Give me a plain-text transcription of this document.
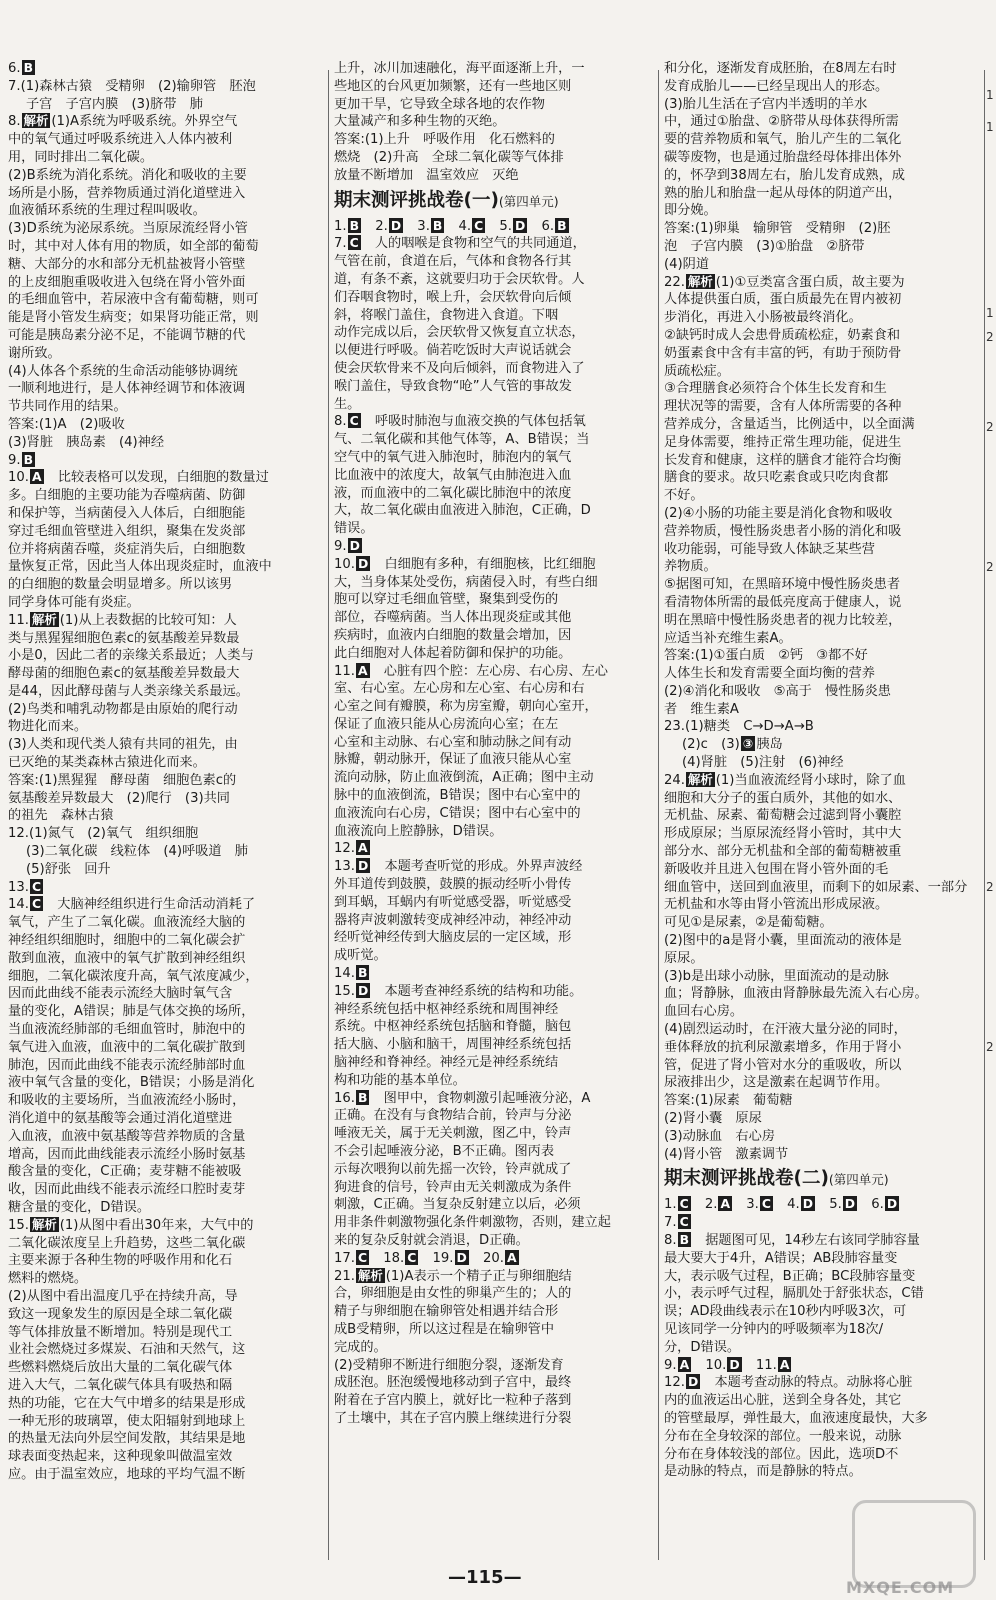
6. B
7.(1)森林古猿　受精卵　(2)输卵管　胚泡
子宫　子宫内膜　(3)脐带　肺
8. 解析 (1)A系统为呼吸系统。外界空气
中的氧气通过呼吸系统进入人体内被利
用，同时排出二氧化碳。
(2)B系统为消化系统。消化和吸收的主要
场所是小肠，营养物质通过消化道壁进入
血液循环系统的生理过程叫吸收。
(3)D系统为泌尿系统。当原尿流经肾小管
时，其中对人体有用的物质，如全部的葡萄
糖、大部分的水和部分无机盐被肾小管壁
的上皮细胞重吸收进入包绕在肾小管外面
的毛细血管中，若尿液中含有葡萄糖，则可
能是肾小管发生病变；如果肾功能正常，则
可能是胰岛素分泌不足，不能调节糖的代
谢所致。
(4)人体各个系统的生命活动能够协调统
一顺利地进行，是人体神经调节和体液调
节共同作用的结果。
答案:(1)A　(2)吸收
(3)肾脏　胰岛素　(4)神经
9. B
10. A　比较表格可以发现，白细胞的数量过
多。白细胞的主要功能为吞噬病菌、防御
和保护等，当病菌侵入人体后，白细胞能
穿过毛细血管壁进入组织，聚集在发炎部
位并将病菌吞噬，炎症消失后，白细胞数
量恢复正常，因此当人体出现炎症时，血液中
的白细胞的数量会明显增多。所以该男
同学身体可能有炎症。
11. 解析 (1)从上表数据的比较可知：人
类与黑猩猩细胞色素c的氨基酸差异数最
小是0，因此二者的亲缘关系最近；人类与
酵母菌的细胞色素c的氨基酸差异数最大
是44，因此酵母菌与人类亲缘关系最远。
(2)鸟类和哺乳动物都是由原始的爬行动
物进化而来。
(3)人类和现代类人猿有共同的祖先，由
已灭绝的某类森林古猿进化而来。
答案:(1)黑猩猩　酵母菌　细胞色素c的
氨基酸差异数最大　(2)爬行　(3)共同
的祖先　森林古猿
12.(1)氮气　(2)氧气　组织细胞
(3)二氧化碳　线粒体　(4)呼吸道　肺
(5)舒张　回升
13. C
14. C　大脑神经组织进行生命活动消耗了
氧气，产生了二氧化碳。血液流经大脑的
神经组织细胞时，细胞中的二氧化碳会扩
散到血液，血液中的氧气扩散到神经组织
细胞，二氧化碳浓度升高，氧气浓度减少，
因而此曲线不能表示流经大脑时氧气含
量的变化，A错误；肺是气体交换的场所，
当血液流经肺部的毛细血管时，肺泡中的
氧气进入血液，血液中的二氧化碳扩散到
肺泡，因而此曲线不能表示流经肺部时血
液中氧气含量的变化，B错误；小肠是消化
和吸收的主要场所，当血液流经小肠时，
消化道中的氨基酸等会通过消化道壁进
入血液，血液中氨基酸等营养物质的含量
增高，因而此曲线能表示流经小肠时氨基
酸含量的变化，C正确；麦芽糖不能被吸
收，因而此曲线不能表示流经口腔时麦芽
糖含量的变化，D错误。
15. 解析 (1)从图中看出30年来，大气中的
二氧化碳浓度呈上升趋势，这些二氧化碳
主要来源于各种生物的呼吸作用和化石
燃料的燃烧。
(2)从图中看出温度几乎在持续升高，导
致这一现象发生的原因是全球二氧化碳
等气体排放量不断增加。特别是现代工
业社会燃烧过多煤炭、石油和天然气，这
些燃料燃烧后放出大量的二氧化碳气体
进入大气，二氧化碳气体具有吸热和隔
热的功能，它在大气中增多的结果是形成
一种无形的玻璃罩，使太阳辐射到地球上
的热量无法向外层空间发散，其结果是地
球表面变热起来，这种现象叫做温室效
应。由于温室效应，地球的平均气温不断
上升，冰川加速融化，海平面逐渐上升，一
些地区的台风更加频繁，还有一些地区则
更加干旱，它导致全球各地的农作物
大量减产和多种生物的灭绝。
答案:(1)上升　呼吸作用　化石燃料的
燃烧　(2)升高　全球二氧化碳等气体排
放量不断增加　温室效应　灭绝
期末测评挑战卷(一)(第四单元)
1. B　2. D　3. B　4. C　5. D　6. B
7. C　人的咽喉是食物和空气的共同通道，
气管在前，食道在后，气体和食物各行其
道，有条不紊，这就要归功于会厌软骨。人
们吞咽食物时，喉上升，会厌软骨向后倾
斜，将喉门盖住，食物进入食道。下咽
动作完成以后，会厌软骨又恢复直立状态，
以便进行呼吸。倘若吃饭时大声说话就会
使会厌软骨来不及向后倾斜，而食物进入了
喉门盖住，导致食物“呛”人气管的事故发
生。
8. C　呼吸时肺泡与血液交换的气体包括氧
气、二氧化碳和其他气体等，A、B错误；当
空气中的氧气进入肺泡时，肺泡内的氧气
比血液中的浓度大，故氧气由肺泡进入血
液，而血液中的二氧化碳比肺泡中的浓度
大，故二氧化碳由血液进入肺泡，C正确，D
错误。
9. D
10. D　白细胞有多种，有细胞核，比红细胞
大，当身体某处受伤，病菌侵入时，有些白细
胞可以穿过毛细血管壁，聚集到受伤的
部位，吞噬病菌。当人体出现炎症或其他
疾病时，血液内白细胞的数量会增加，因
此白细胞对人体起着防御和保护的功能。
11. A　心脏有四个腔：左心房、右心房、左心
室、右心室。左心房和左心室、右心房和右
心室之间有瓣膜，称为房室瓣，朝向心室开，
保证了血液只能从心房流向心室；在左
心室和主动脉、右心室和肺动脉之间有动
脉瓣，朝动脉开，保证了血液只能从心室
流向动脉，防止血液倒流，A正确；图中主动
脉中的血液倒流，B错误；图中右心室中的
血液流向右心房，C错误；图中右心室中的
血液流向上腔静脉，D错误。
12. A
13. D　本题考查听觉的形成。外界声波经
外耳道传到鼓膜，鼓膜的振动经听小骨传
到耳蜗，耳蜗内有听觉感受器，听觉感受
器将声波刺激转变成神经冲动，神经冲动
经听觉神经传到大脑皮层的一定区域，形
成听觉。
14. B
15. D　本题考查神经系统的结构和功能。
神经系统包括中枢神经系统和周围神经
系统。中枢神经系统包括脑和脊髓，脑包
括大脑、小脑和脑干，周围神经系统包括
脑神经和脊神经。神经元是神经系统结
构和功能的基本单位。
16. B　图甲中，食物刺激引起唾液分泌，A
正确。在没有与食物结合前，铃声与分泌
唾液无关，属于无关刺激，图乙中，铃声
不会引起唾液分泌，B不正确。图丙表
示每次喂狗以前先摇一次铃，铃声就成了
狗进食的信号，铃声由无关刺激成为条件
刺激，C正确。当复杂反射建立以后，必须
用非条件刺激物强化条件刺激物，否则，建立起
来的复杂反射就会消退，D正确。
17. C　18. C　19. D　20. A
21. 解析 (1)A表示一个精子正与卵细胞结
合，卵细胞是由女性的卵巢产生的；人的
精子与卵细胞在输卵管处相遇并结合形
成B受精卵，所以这过程是在输卵管中
完成的。
(2)受精卵不断进行细胞分裂，逐渐发育
成胚泡。胚泡缓慢地移动到子宫中，最终
附着在子宫内膜上，就好比一粒种子落到
了土壤中，其在子宫内膜上继续进行分裂
和分化，逐渐发育成胚胎，在8周左右时
发育成胎儿——已经呈现出人的形态。
(3)胎儿生活在子宫内半透明的羊水
中，通过①胎盘、②脐带从母体获得所需
要的营养物质和氧气，胎儿产生的二氧化
碳等废物，也是通过胎盘经母体排出体外
的，怀孕到38周左右，胎儿发育成熟，成
熟的胎儿和胎盘一起从母体的阴道产出，
即分娩。
答案:(1)卵巢　输卵管　受精卵　(2)胚
泡　子宫内膜　(3)①胎盘　②脐带
(4)阴道
22. 解析 (1)①豆类富含蛋白质，故主要为
人体提供蛋白质，蛋白质最先在胃内被初
步消化，再进入小肠被最终消化。
②缺钙时成人会患骨质疏松症，奶素食和
奶蛋素食中含有丰富的钙，有助于预防骨
质疏松症。
③合理膳食必须符合个体生长发育和生
理状况等的需要，含有人体所需要的各种
营养成分，含量适当，比例适中，以全面满
足身体需要，维持正常生理功能，促进生
长发育和健康，这样的膳食才能符合均衡
膳食的要求。故只吃素食或只吃肉食都
不好。
(2)④小肠的功能主要是消化食物和吸收
营养物质，慢性肠炎患者小肠的消化和吸
收功能弱，可能导致人体缺乏某些营
养物质。
⑤据图可知，在黑暗环境中慢性肠炎患者
看清物体所需的最低亮度高于健康人，说
明在黑暗中慢性肠炎患者的视力比较差，
应适当补充维生素A。
答案:(1)①蛋白质　②钙　③都不好
人体生长和发育需要全面均衡的营养
(2)④消化和吸收　⑤高于　慢性肠炎患
者　维生素A
23.(1)糖类　C→D→A→B
(2)c　(3) ③ 胰岛
(4)肾脏　(5)注射　(6)神经
24. 解析 (1)当血液流经肾小球时，除了血
细胞和大分子的蛋白质外，其他的如水、
无机盐、尿素、葡萄糖会过滤到肾小囊腔
形成原尿；当原尿流经肾小管时，其中大
部分水、部分无机盐和全部的葡萄糖被重
新吸收并且进入包围在肾小管外面的毛
细血管中，送回到血液里，而剩下的如尿素、一部分
无机盐和水等由肾小管流出形成尿液。
可见①是尿素，②是葡萄糖。
(2)图中的a是肾小囊，里面流动的液体是
原尿。
(3)b是出球小动脉，里面流动的是动脉
血；肾静脉，血液由肾静脉最先流入右心房。
血回右心房。
(4)剧烈运动时，在汗液大量分泌的同时，
垂体释放的抗利尿激素增多，作用于肾小
管，促进了肾小管对水分的重吸收，所以
尿液排出少，这是激素在起调节作用。
答案:(1)尿素　葡萄糖
(2)肾小囊　原尿
(3)动脉血　右心房
(4)肾小管　激素调节
期末测评挑战卷(二)(第四单元)
1. C　2. A　3. C　4. D　5. D　6. D
7. C
8. B　据题图可见，14秒左右该同学肺容量
最大要大于4升，A错误；AB段肺容量变
大，表示吸气过程，B正确；BC段肺容量变
小，表示呼气过程，膈肌处于舒张状态，C错
误；AD段曲线表示在10秒内呼吸3次，可
见该同学一分钟内的呼吸频率为18次/
分，D错误。
9. A　10. D　11. A
12. D　本题考查动脉的特点。动脉将心脏
内的血液运出心脏，送到全身各处，其它
的管壁最厚，弹性最大，血液速度最快，大多
分布在全身较深的部位。一般来说，动脉
分布在身体较浅的部位。因此，选项D不
是动脉的特点，而是静脉的特点。
1
1
1
2
2
2
2
2
—115—	MXQE.COM
